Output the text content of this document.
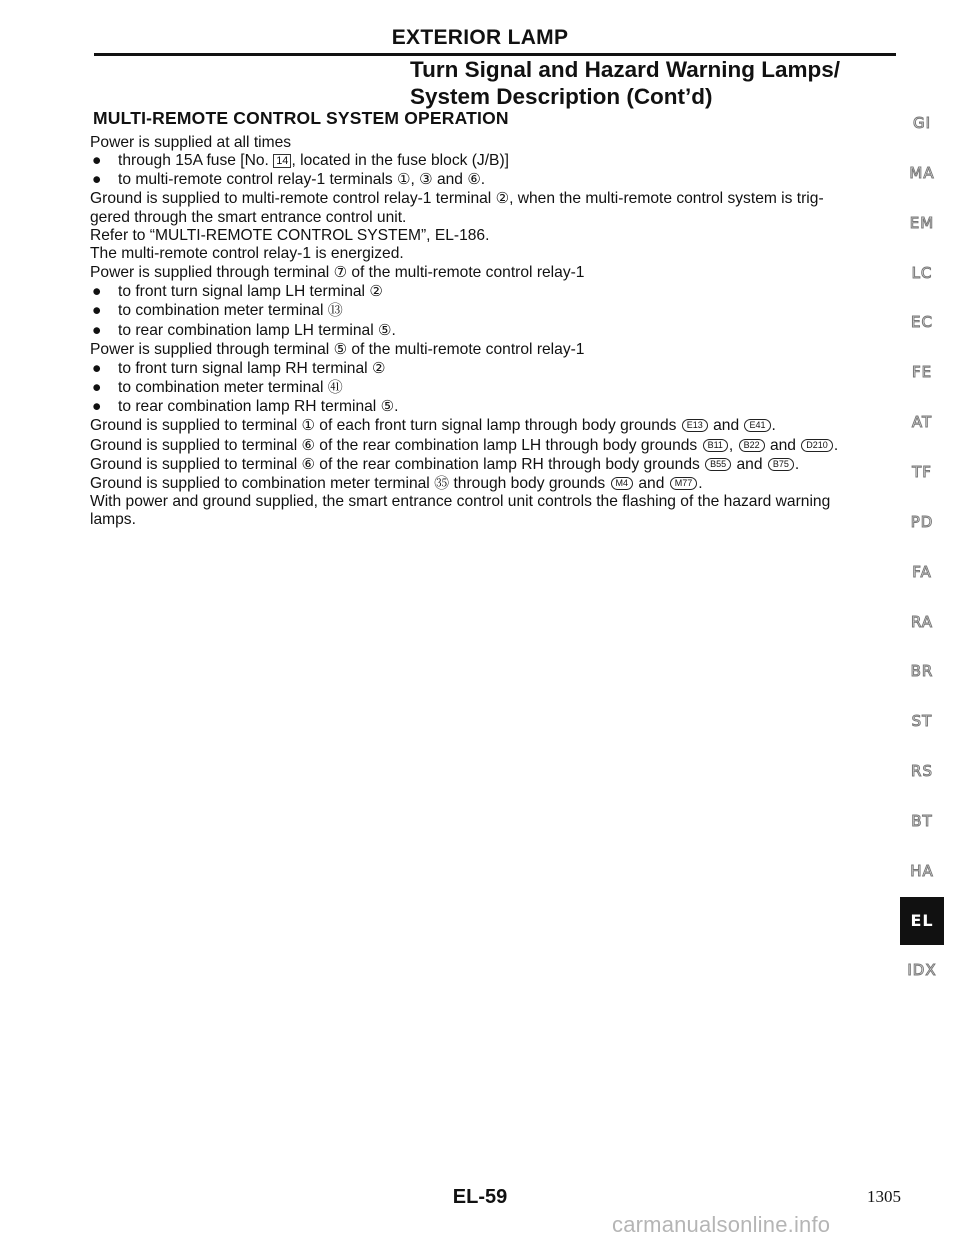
EXTERIOR LAMP
Turn Signal and Hazard Warning Lamps/
System Description (Cont’d)
MULTI-REMOTE CONTROL SYSTEM OPERATION
Power is supplied at all times
● through 15A fuse [No. 14 , located in the fuse block (J/B)]
● to multi-remote control relay-1 terminals ①, ③ and ⑥.
Ground is supplied to multi-remote control relay-1 terminal ②, when the multi-remote control system is trig-
gered through the smart entrance control unit.
Refer to “MULTI-REMOTE CONTROL SYSTEM”, EL-186.
The multi-remote control relay-1 is energized.
Power is supplied through terminal ⑦ of the multi-remote control relay-1
● to front turn signal lamp LH terminal ②
● to combination meter terminal ⑬
● to rear combination lamp LH terminal ⑤.
Power is supplied through terminal ⑤ of the multi-remote control relay-1
● to front turn signal lamp RH terminal ②
● to combination meter terminal ㊶
● to rear combination lamp RH terminal ⑤.
Ground is supplied to terminal ① of each front turn signal lamp through body grounds E13 and E41 .
Ground is supplied to terminal ⑥ of the rear combination lamp LH through body grounds B11 , B22 and D210 .
Ground is supplied to terminal ⑥ of the rear combination lamp RH through body grounds B55 and B75 .
Ground is supplied to combination meter terminal ㉟ through body grounds M4 and M77 .
With power and ground supplied, the smart entrance control unit controls the flashing of the hazard warning
lamps.
GI
MA
EM
LC
EC
FE
AT
TF
PD
FA
RA
BR
ST
RS
BT
HA
EL
IDX
EL-59	1305
carmanualsonline.info
